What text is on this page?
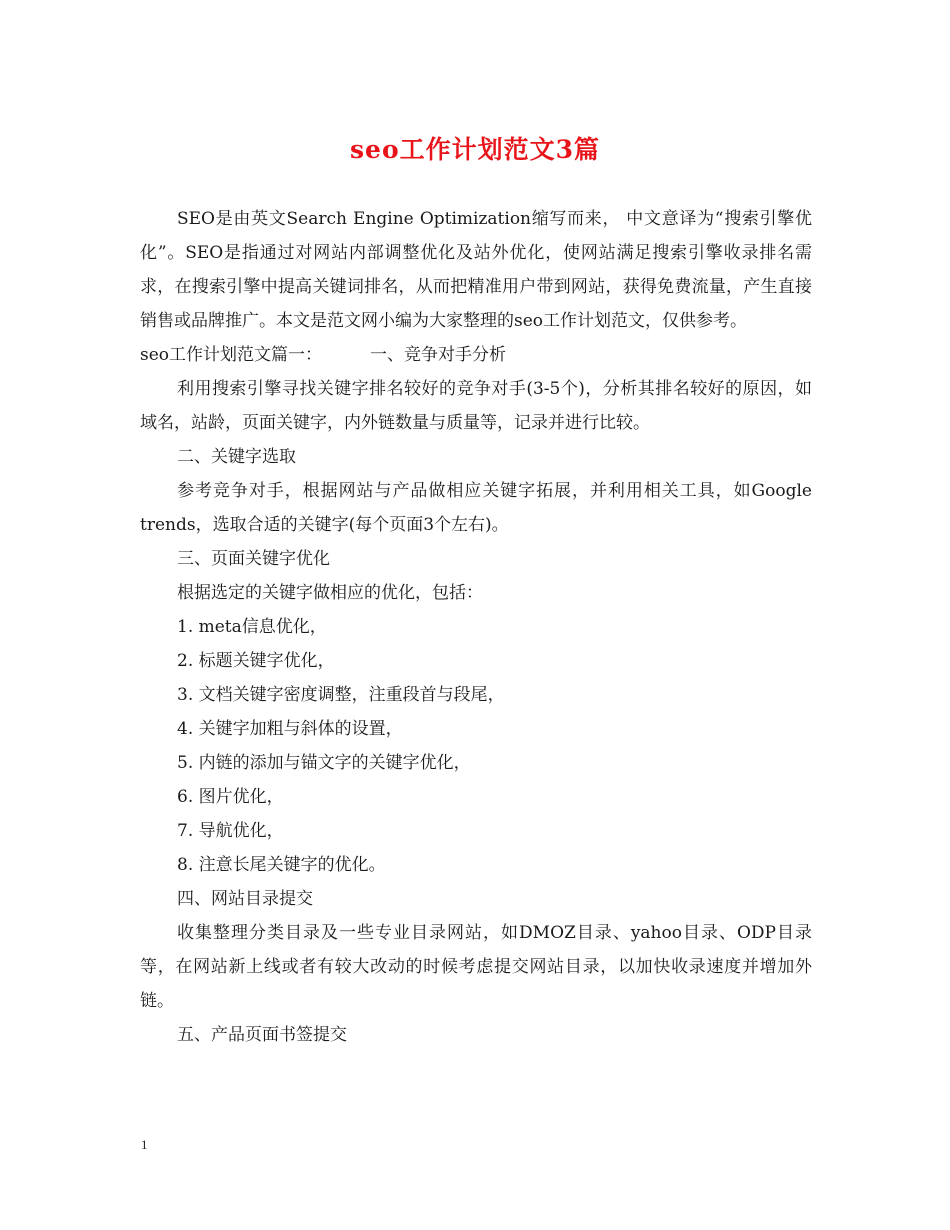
seo工作计划范文3篇

SEO是由英文Search Engine Optimization缩写而来， 中文意译为“搜索引擎优化”。SEO是指通过对网站内部调整优化及站外优化，使网站满足搜索引擎收录排名需求，在搜索引擎中提高关键词排名，从而把精准用户带到网站，获得免费流量，产生直接销售或品牌推广。本文是范文网小编为大家整理的seo工作计划范文，仅供参考。

seo工作计划范文篇一：	一、竞争对手分析

利用搜索引擎寻找关键字排名较好的竞争对手(3-5个)，分析其排名较好的原因，如域名，站龄，页面关键字，内外链数量与质量等，记录并进行比较。

二、关键字选取

参考竞争对手，根据网站与产品做相应关键字拓展，并利用相关工具，如Google trends，选取合适的关键字(每个页面3个左右)。

三、页面关键字优化

根据选定的关键字做相应的优化，包括：

1. meta信息优化，

2. 标题关键字优化，

3. 文档关键字密度调整，注重段首与段尾，

4. 关键字加粗与斜体的设置，

5. 内链的添加与锚文字的关键字优化，

6. 图片优化，

7. 导航优化，

8. 注意长尾关键字的优化。

四、网站目录提交

收集整理分类目录及一些专业目录网站，如DMOZ目录、yahoo目录、ODP目录等，在网站新上线或者有较大改动的时候考虑提交网站目录，以加快收录速度并增加外链。

五、产品页面书签提交

1
